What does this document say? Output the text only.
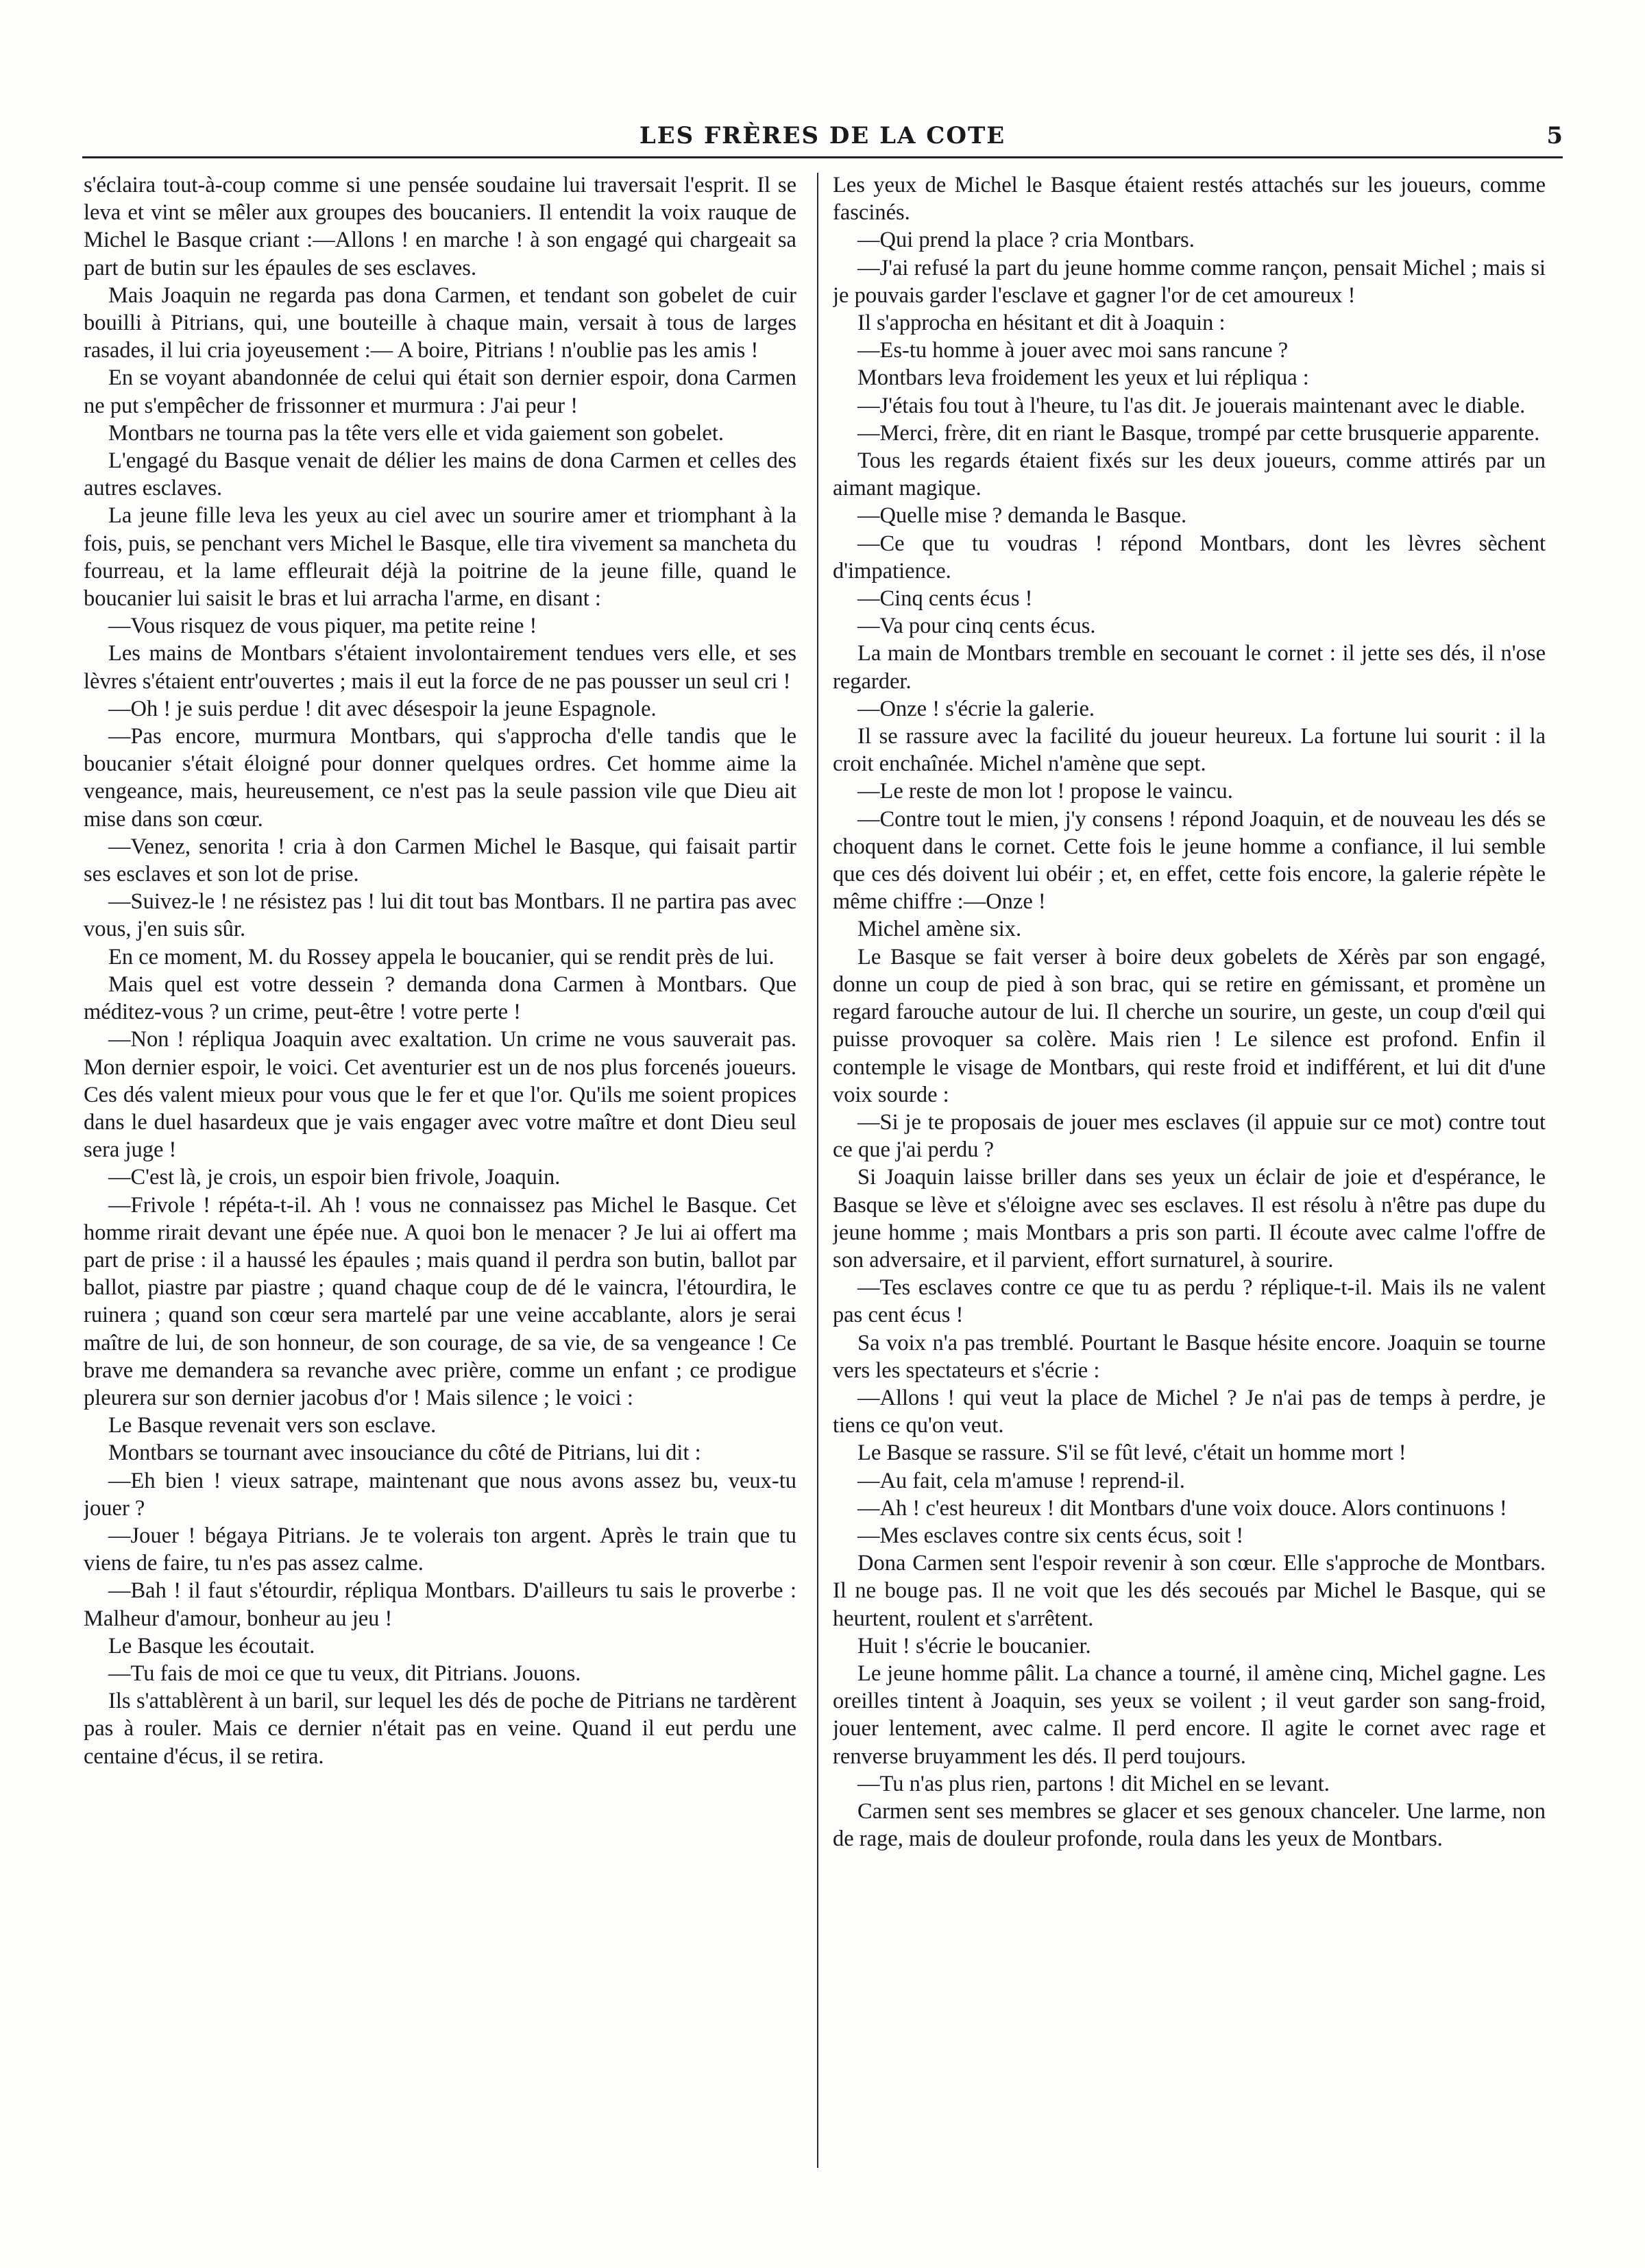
LES FRÈRES DE LA COTE	5

s'éclaira tout-à-coup comme si une pensée soudaine lui traversait l'esprit. Il se leva et vint se mêler aux groupes des boucaniers. Il entendit la voix rauque de Michel le Basque criant :—Allons ! en marche ! à son engagé qui chargeait sa part de butin sur les épaules de ses esclaves.

Mais Joaquin ne regarda pas dona Carmen, et tendant son gobelet de cuir bouilli à Pitrians, qui, une bouteille à chaque main, versait à tous de larges rasades, il lui cria joyeusement :— A boire, Pitrians ! n'oublie pas les amis !

En se voyant abandonnée de celui qui était son dernier espoir, dona Carmen ne put s'empêcher de frissonner et murmura : J'ai peur !

Montbars ne tourna pas la tête vers elle et vida gaiement son gobelet.

L'engagé du Basque venait de délier les mains de dona Carmen et celles des autres esclaves.

La jeune fille leva les yeux au ciel avec un sourire amer et triomphant à la fois, puis, se penchant vers Michel le Basque, elle tira vivement sa mancheta du fourreau, et la lame effleurait déjà la poitrine de la jeune fille, quand le boucanier lui saisit le bras et lui arracha l'arme, en disant :

—Vous risquez de vous piquer, ma petite reine !

Les mains de Montbars s'étaient involontairement tendues vers elle, et ses lèvres s'étaient entr'ouvertes ; mais il eut la force de ne pas pousser un seul cri !

—Oh ! je suis perdue ! dit avec désespoir la jeune Espagnole.

—Pas encore, murmura Montbars, qui s'approcha d'elle tandis que le boucanier s'était éloigné pour donner quelques ordres. Cet homme aime la vengeance, mais, heureusement, ce n'est pas la seule passion vile que Dieu ait mise dans son cœur.

—Venez, senorita ! cria à don Carmen Michel le Basque, qui faisait partir ses esclaves et son lot de prise.

—Suivez-le ! ne résistez pas ! lui dit tout bas Montbars. Il ne partira pas avec vous, j'en suis sûr.

En ce moment, M. du Rossey appela le boucanier, qui se rendit près de lui.

Mais quel est votre dessein ? demanda dona Carmen à Montbars. Que méditez-vous ? un crime, peut-être ! votre perte !

—Non ! répliqua Joaquin avec exaltation. Un crime ne vous sauverait pas. Mon dernier espoir, le voici. Cet aventurier est un de nos plus forcenés joueurs. Ces dés valent mieux pour vous que le fer et que l'or. Qu'ils me soient propices dans le duel hasardeux que je vais engager avec votre maître et dont Dieu seul sera juge !

—C'est là, je crois, un espoir bien frivole, Joaquin.

—Frivole ! répéta-t-il. Ah ! vous ne connaissez pas Michel le Basque. Cet homme rirait devant une épée nue. A quoi bon le menacer ? Je lui ai offert ma part de prise : il a haussé les épaules ; mais quand il perdra son butin, ballot par ballot, piastre par piastre ; quand chaque coup de dé le vaincra, l'étourdira, le ruinera ; quand son cœur sera martelé par une veine accablante, alors je serai maître de lui, de son honneur, de son courage, de sa vie, de sa vengeance ! Ce brave me demandera sa revanche avec prière, comme un enfant ; ce prodigue pleurera sur son dernier jacobus d'or ! Mais silence ; le voici :

Le Basque revenait vers son esclave.

Montbars se tournant avec insouciance du côté de Pitrians, lui dit :

—Eh bien ! vieux satrape, maintenant que nous avons assez bu, veux-tu jouer ?

—Jouer ! bégaya Pitrians. Je te volerais ton argent. Après le train que tu viens de faire, tu n'es pas assez calme.

—Bah ! il faut s'étourdir, répliqua Montbars. D'ailleurs tu sais le proverbe : Malheur d'amour, bonheur au jeu !

Le Basque les écoutait.

—Tu fais de moi ce que tu veux, dit Pitrians. Jouons.

Ils s'attablèrent à un baril, sur lequel les dés de poche de Pitrians ne tardèrent pas à rouler. Mais ce dernier n'était pas en veine. Quand il eut perdu une centaine d'écus, il se retira.

Les yeux de Michel le Basque étaient restés attachés sur les joueurs, comme fascinés.

—Qui prend la place ? cria Montbars.

—J'ai refusé la part du jeune homme comme rançon, pensait Michel ; mais si je pouvais garder l'esclave et gagner l'or de cet amoureux !

Il s'approcha en hésitant et dit à Joaquin :

—Es-tu homme à jouer avec moi sans rancune ?

Montbars leva froidement les yeux et lui répliqua :

—J'étais fou tout à l'heure, tu l'as dit. Je jouerais maintenant avec le diable.

—Merci, frère, dit en riant le Basque, trompé par cette brusquerie apparente.

Tous les regards étaient fixés sur les deux joueurs, comme attirés par un aimant magique.

—Quelle mise ? demanda le Basque.

—Ce que tu voudras ! répond Montbars, dont les lèvres sèchent d'impatience.

—Cinq cents écus !

—Va pour cinq cents écus.

La main de Montbars tremble en secouant le cornet : il jette ses dés, il n'ose regarder.

—Onze ! s'écrie la galerie.

Il se rassure avec la facilité du joueur heureux. La fortune lui sourit : il la croit enchaînée. Michel n'amène que sept.

—Le reste de mon lot ! propose le vaincu.

—Contre tout le mien, j'y consens ! répond Joaquin, et de nouveau les dés se choquent dans le cornet. Cette fois le jeune homme a confiance, il lui semble que ces dés doivent lui obéir ; et, en effet, cette fois encore, la galerie répète le même chiffre :—Onze !

Michel amène six.

Le Basque se fait verser à boire deux gobelets de Xérès par son engagé, donne un coup de pied à son brac, qui se retire en gémissant, et promène un regard farouche autour de lui. Il cherche un sourire, un geste, un coup d'œil qui puisse provoquer sa colère. Mais rien ! Le silence est profond. Enfin il contemple le visage de Montbars, qui reste froid et indifférent, et lui dit d'une voix sourde :

—Si je te proposais de jouer mes esclaves (il appuie sur ce mot) contre tout ce que j'ai perdu ?

Si Joaquin laisse briller dans ses yeux un éclair de joie et d'espérance, le Basque se lève et s'éloigne avec ses esclaves. Il est résolu à n'être pas dupe du jeune homme ; mais Montbars a pris son parti. Il écoute avec calme l'offre de son adversaire, et il parvient, effort surnaturel, à sourire.

—Tes esclaves contre ce que tu as perdu ? réplique-t-il. Mais ils ne valent pas cent écus !

Sa voix n'a pas tremblé. Pourtant le Basque hésite encore. Joaquin se tourne vers les spectateurs et s'écrie :

—Allons ! qui veut la place de Michel ? Je n'ai pas de temps à perdre, je tiens ce qu'on veut.

Le Basque se rassure. S'il se fût levé, c'était un homme mort !

—Au fait, cela m'amuse ! reprend-il.

—Ah ! c'est heureux ! dit Montbars d'une voix douce. Alors continuons !

—Mes esclaves contre six cents écus, soit !

Dona Carmen sent l'espoir revenir à son cœur. Elle s'approche de Montbars. Il ne bouge pas. Il ne voit que les dés secoués par Michel le Basque, qui se heurtent, roulent et s'arrêtent.

Huit ! s'écrie le boucanier.

Le jeune homme pâlit. La chance a tourné, il amène cinq, Michel gagne. Les oreilles tintent à Joaquin, ses yeux se voilent ; il veut garder son sang-froid, jouer lentement, avec calme. Il perd encore. Il agite le cornet avec rage et renverse bruyamment les dés. Il perd toujours.

—Tu n'as plus rien, partons ! dit Michel en se levant.

Carmen sent ses membres se glacer et ses genoux chanceler. Une larme, non de rage, mais de douleur profonde, roula dans les yeux de Montbars.
